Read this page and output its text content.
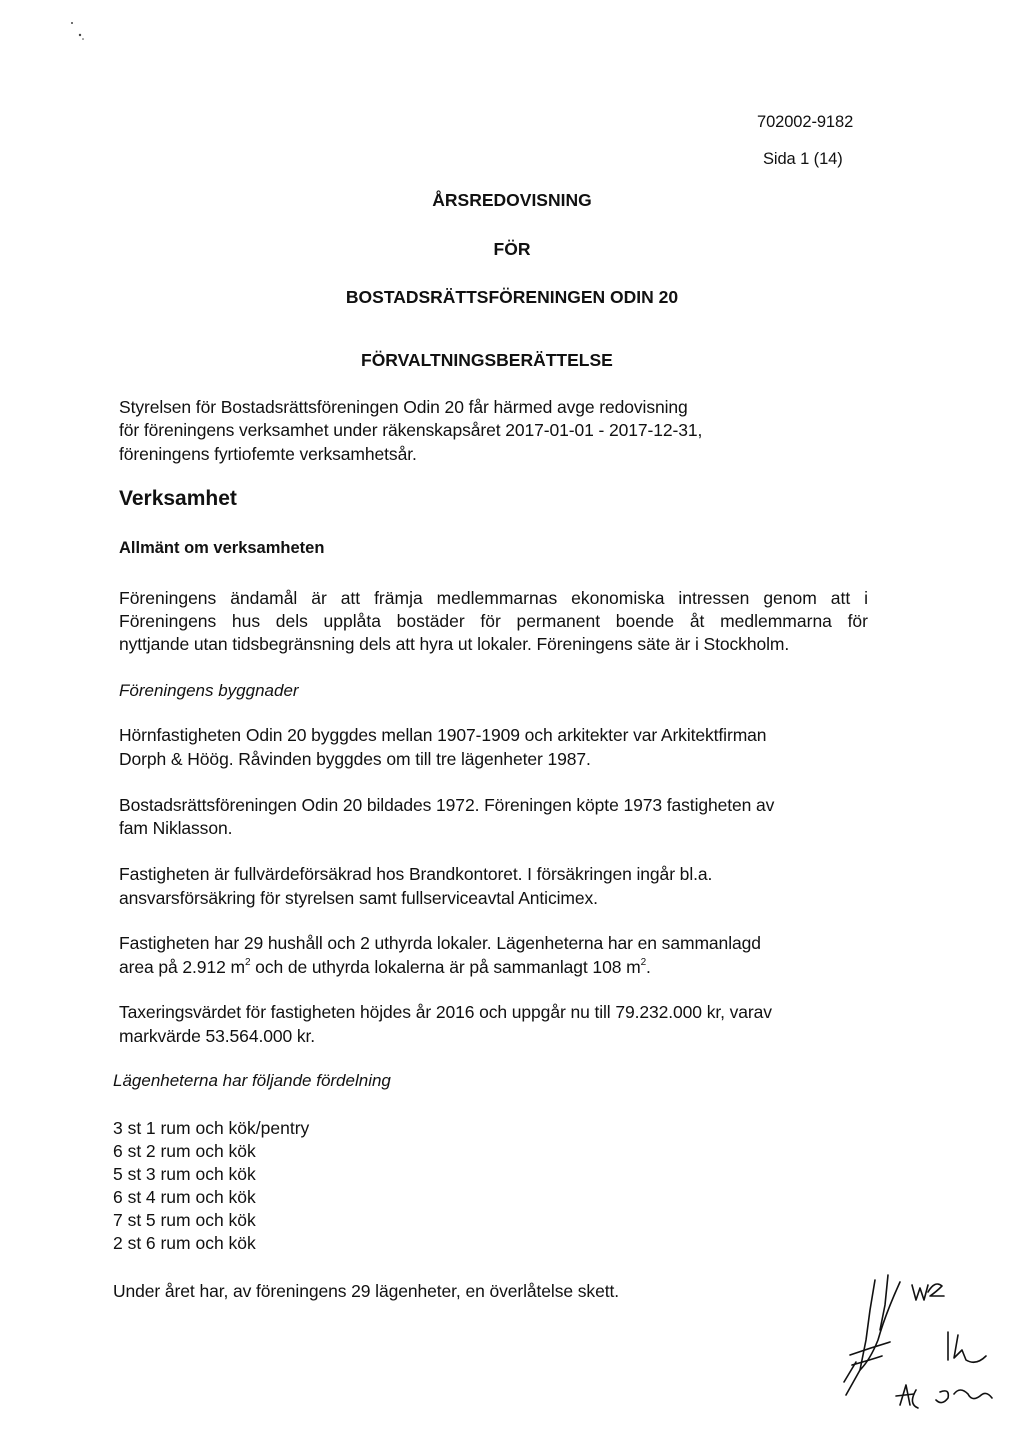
702002-9182
Sida 1 (14)
ÅRSREDOVISNING
FÖR
BOSTADSRÄTTSFÖRENINGEN ODIN 20
FÖRVALTNINGSBERÄTTELSE
Styrelsen för Bostadsrättsföreningen Odin 20 får härmed avge redovisning
för föreningens verksamhet under räkenskapsåret 2017-01-01 - 2017-12-31,
föreningens fyrtiofemte verksamhetsår.
Verksamhet
Allmänt om verksamheten
Föreningens ändamål är att främja medlemmarnas ekonomiska intressen genom att i
Föreningens hus dels upplåta bostäder för permanent boende åt medlemmarna för
nyttjande utan tidsbegränsning dels att hyra ut lokaler. Föreningens säte är i Stockholm.
Föreningens byggnader
Hörnfastigheten Odin 20 byggdes mellan 1907-1909 och arkitekter var Arkitektfirman
Dorph & Höög. Råvinden byggdes om till tre lägenheter 1987.
Bostadsrättsföreningen Odin 20 bildades 1972. Föreningen köpte 1973 fastigheten av
fam Niklasson.
Fastigheten är fullvärdeförsäkrad hos Brandkontoret. I försäkringen ingår bl.a.
ansvarsförsäkring för styrelsen samt fullserviceavtal Anticimex.
Fastigheten har 29 hushåll och 2 uthyrda lokaler. Lägenheterna har en sammanlagd
area på 2.912 $m^2$ och de uthyrda lokalerna är på sammanlagt 108 $m^2$.
Taxeringsvärdet för fastigheten höjdes år 2016 och uppgår nu till 79.232.000 kr, varav
markvärde 53.564.000 kr.
Lägenheterna har följande fördelning
3 st 1 rum och kök/pentry
6 st 2 rum och kök
5 st 3 rum och kök
6 st 4 rum och kök
7 st 5 rum och kök
2 st 6 rum och kök
Under året har, av föreningens 29 lägenheter, en överlåtelse skett.
